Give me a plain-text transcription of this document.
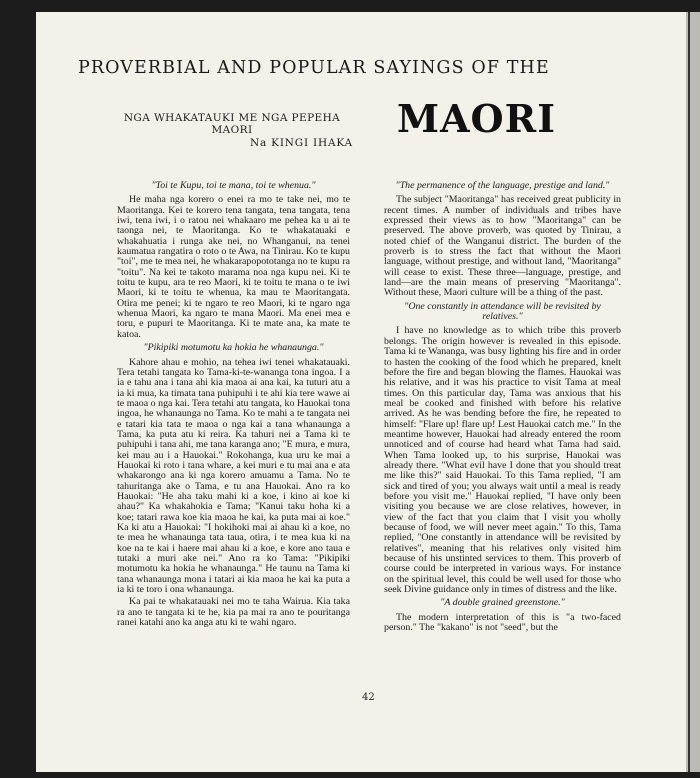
PROVERBIAL AND POPULAR SAYINGS OF THE
NGA WHAKATAUKI ME NGA PEPEHA
MAORI
Na KINGI IHAKA
MAORI

"Toi te Kupu, toi te mana, toi te whenua."

He maha nga korero o enei ra mo te take nei, mo te Maoritanga. Kei te korero tena tangata, tena tangata, tena iwi, tena iwi, i o ratou nei whakaaro me pehea ka u ai te taonga nei, te Maoritanga. Ko te whakatauaki e whakahuatia i runga ake nei, no Whanganui, na tenei kaumatua rangatira o roto o te Awa, na Tinirau. Ko te kupu "toi", me te mea nei, he whakarapopototanga no te kupu ra "toitu". Na kei te takoto marama noa nga kupu nei. Ki te toitu te kupu, ara te reo Maori, ki te toitu te mana o te iwi Maori, ki te toitu te whenua, ka mau te Maoritangata. Otira me penei; ki te ngaro te reo Maori, ki te ngaro nga whenua Maori, ka ngaro te mana Maori. Ma enei mea e toru, e pupuri te Maoritanga. Ki te mate ana, ka mate te katoa.

"Pikipiki motumotu ka hokia he whanaunga."

Kahore ahau e mohio, na tehea iwi tenei whakatauaki. Tera tetahi tangata ko Tama-ki-te-wananga tona ingoa. I a ia e tahu ana i tana ahi kia maoa ai ana kai, ka tuturi atu a ia ki mua, ka timata tana puhipuhi i te ahi kia tere wawe ai te maoa o nga kai. Tera tetahi atu tangata, ko Hauokai tona ingoa, he whanaunga no Tama. Ko te mahi a te tangata nei e tatari kia tata te maoa o nga kai a tana whanaunga a Tama, ka puta atu ki reira. Ka tahuri nei a Tama ki te puhipuhi i tana ahi, me tana karanga ano; "E mura, e mura, kei mau au i a Hauokai." Rokohanga, kua uru ke mai a Hauokai ki roto i tana whare, a kei muri e tu mai ana e ata whakarongo ana ki nga korero amuamu a Tama. No te tahuritanga ake o Tama, e tu ana Hauokai. Ano ra ko Hauokai: "He aha taku mahi ki a koe, i kino ai koe ki ahau?" Ka whakahokia e Tama; "Kanui taku hoha ki a koe; tatari rawa koe kia maoa he kai, ka puta mai ai koe." Ka ki atu a Hauokai: "I hokihoki mai ai ahau ki a koe, no te mea he whanaunga tata taua, otira, i te mea kua ki na koe na te kai i haere mai ahau ki a koe, e kore ano taua e tutaki a muri ake nei." Ano ra ko Tama: "Pikipiki motumotu ka hokia he whanaunga." He taunu na Tama ki tana whanaunga mona i tatari ai kia maoa he kai ka puta a ia ki te toro i ona whanaunga.

Ka pai te whakatauaki nei mo te taha Wairua. Kia taka ra ano te tangata ki te he, kia pa mai ra ano te pouritanga ranei katahi ano ka anga atu ki te wahi ngaro.

"The permanence of the language, prestige and land."

The subject "Maoritanga" has received great publicity in recent times. A number of individuals and tribes have expressed their views as to how "Maoritanga" can be preserved. The above proverb, was quoted by Tinirau, a noted chief of the Wanganui district. The burden of the proverb is to stress the fact that without the Maori language, without prestige, and without land, "Maoritanga" will cease to exist. These three—language, prestige, and land—are the main means of preserving "Maoritanga". Without these, Maori culture will be a thing of the past.

"One constantly in attendance will be revisited by relatives."

I have no knowledge as to which tribe this proverb belongs. The origin however is revealed in this episode. Tama ki te Wananga, was busy lighting his fire and in order to hasten the cooking of the food which he prepared, knelt before the fire and began blowing the flames. Hauokai was his relative, and it was his practice to visit Tama at meal times. On this particular day, Tama was anxious that his meal be cooked and finished with before his relative arrived. As he was bending before the fire, he repeated to himself: "Flare up! flare up! Lest Hauokai catch me." In the meantime however, Hauokai had already entered the room unnoticed and of course had heard what Tama had said. When Tama looked up, to his surprise, Hauokai was already there. "What evil have I done that you should treat me like this?" said Hauokai. To this Tama replied, "I am sick and tired of you; you always wait until a meal is ready before you visit me." Hauokai replied, "I have only been visiting you because we are close relatives, however, in view of the fact that you claim that I visit you wholly because of food, we will never meet again." To this, Tama replied, "One constantly in attendance will be revisited by relatives", meaning that his relatives only visited him because of his unstinted services to them. This proverb of course could be interpreted in various ways. For instance on the spiritual level, this could be well used for those who seek Divine guidance only in times of distress and the like.

"A double grained greenstone."

The modern interpretation of this is "a two-faced person." The "kakano" is not "seed", but the

42
